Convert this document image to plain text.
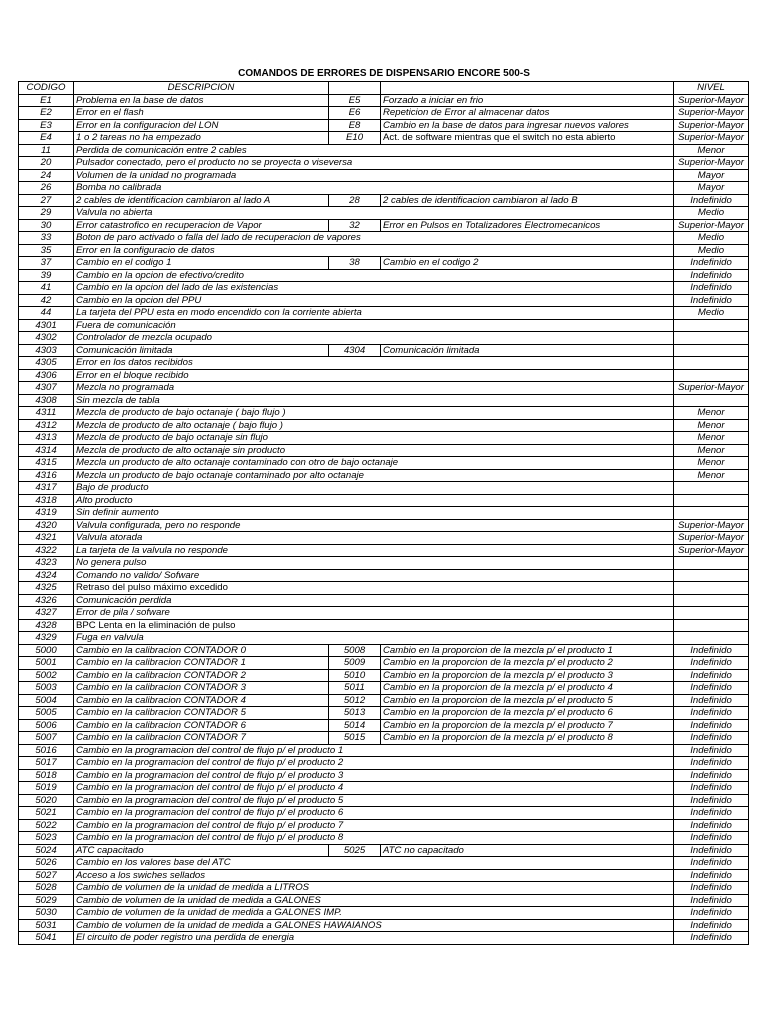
COMANDOS DE ERRORES DE DISPENSARIO ENCORE 500-S
CODIGO	DESCRIPCION			NIVEL
E1	Problema en la base de datos	E5	Forzado a iniciar en frio	Superior-Mayor
E2	Error en el flash	E6	Repeticion de Error al almacenar datos	Superior-Mayor
E3	Error en la configuracion del LON	E8	Cambio en la base de datos para ingresar nuevos valores	Superior-Mayor
E4	1 o 2 tareas no ha empezado	E10	Act. de software mientras que el switch no esta abierto	Superior-Mayor
11	Perdida de comunicación entre 2 cables			Menor
20	Pulsador conectado, pero el producto no se proyecta o viseversa			Superior-Mayor
24	Volumen de la unidad no programada			Mayor
26	Bomba no calibrada			Mayor
27	2 cables de identificacion cambiaron al lado A	28	2 cables de identificacion cambiaron al lado B	Indefinido
29	Valvula no abierta			Medio
30	Error catastrofico en recuperacion de Vapor	32	Error en Pulsos en Totalizadores Electromecanicos	Superior-Mayor
33	Boton de paro activado o falla del lado de recuperacion de vapores			Medio
35	Error en la configuracio de datos			Medio
37	Cambio en el codigo 1	38	Cambio en el codigo 2	Indefinido
39	Cambio en la opcion de efectivo/credito			Indefinido
41	Cambio en la opcion del lado de las existencias			Indefinido
42	Cambio en la opcion del PPU			Indefinido
44	La tarjeta del PPU esta en modo encendido con la corriente abierta			Medio
4301	Fuera de comunicación			
4302	Controlador de mezcla ocupado			
4303	Comunicación limitada	4304	Comunicación limitada	
4305	Error en los datos recibidos			
4306	Error en el bloque recibido			
4307	Mezcla no programada			Superior-Mayor
4308	Sin mezcla de tabla			
4311	Mezcla de producto de bajo octanaje ( bajo flujo )			Menor
4312	Mezcla de producto de alto octanaje ( bajo flujo )			Menor
4313	Mezcla de producto de bajo octanaje sin flujo			Menor
4314	Mezcla de producto de alto octanaje sin producto			Menor
4315	Mezcla un producto de alto octanaje contaminado con otro de bajo octanaje			Menor
4316	Mezcla un producto de bajo octanaje contaminado por alto octanaje			Menor
4317	Bajo de producto			
4318	Alto producto			
4319	Sin definir aumento			
4320	Valvula configurada, pero no responde			Superior-Mayor
4321	Valvula atorada			Superior-Mayor
4322	La tarjeta de la valvula no responde			Superior-Mayor
4323	No genera pulso			
4324	Comando no valido/ Sofware			
4325	Retraso del pulso máximo excedido			
4326	Comunicación perdida			
4327	Error de pila / sofware			
4328	BPC Lenta en la eliminación de pulso			
4329	Fuga en valvula			
5000	Cambio en la calibracion CONTADOR 0	5008	Cambio en la proporcion de la mezcla p/ el producto 1	Indefinido
5001	Cambio en la calibracion CONTADOR 1	5009	Cambio en la proporcion de la mezcla p/ el producto 2	Indefinido
5002	Cambio en la calibracion CONTADOR 2	5010	Cambio en la proporcion de la mezcla p/ el producto 3	Indefinido
5003	Cambio en la calibracion CONTADOR 3	5011	Cambio en la proporcion de la mezcla p/ el producto 4	Indefinido
5004	Cambio en la calibracion CONTADOR 4	5012	Cambio en la proporcion de la mezcla p/ el producto 5	Indefinido
5005	Cambio en la calibracion CONTADOR 5	5013	Cambio en la proporcion de la mezcla p/ el producto 6	Indefinido
5006	Cambio en la calibracion CONTADOR 6	5014	Cambio en la proporcion de la mezcla p/ el producto 7	Indefinido
5007	Cambio en la calibracion CONTADOR 7	5015	Cambio en la proporcion de la mezcla p/ el producto 8	Indefinido
5016	Cambio en la programacion del control de flujo p/ el producto 1			Indefinido
5017	Cambio en la programacion del control de flujo p/ el producto 2			Indefinido
5018	Cambio en la programacion del control de flujo p/ el producto 3			Indefinido
5019	Cambio en la programacion del control de flujo p/ el producto 4			Indefinido
5020	Cambio en la programacion del control de flujo p/ el producto 5			Indefinido
5021	Cambio en la programacion del control de flujo p/ el producto 6			Indefinido
5022	Cambio en la programacion del control de flujo p/ el producto 7			Indefinido
5023	Cambio en la programacion del control de flujo p/ el producto 8			Indefinido
5024	ATC capacitado	5025	ATC no capacitado	Indefinido
5026	Cambio en los valores base del ATC			Indefinido
5027	Acceso a los swiches sellados			Indefinido
5028	Cambio de volumen de la unidad de medida a LITROS			Indefinido
5029	Cambio de volumen de la unidad de medida a GALONES			Indefinido
5030	Cambio de volumen de la unidad de medida a GALONES IMP.			Indefinido
5031	Cambio de volumen de la unidad de medida a GALONES HAWAIANOS			Indefinido
5041	El circuito de poder registro una perdida de energia			Indefinido
